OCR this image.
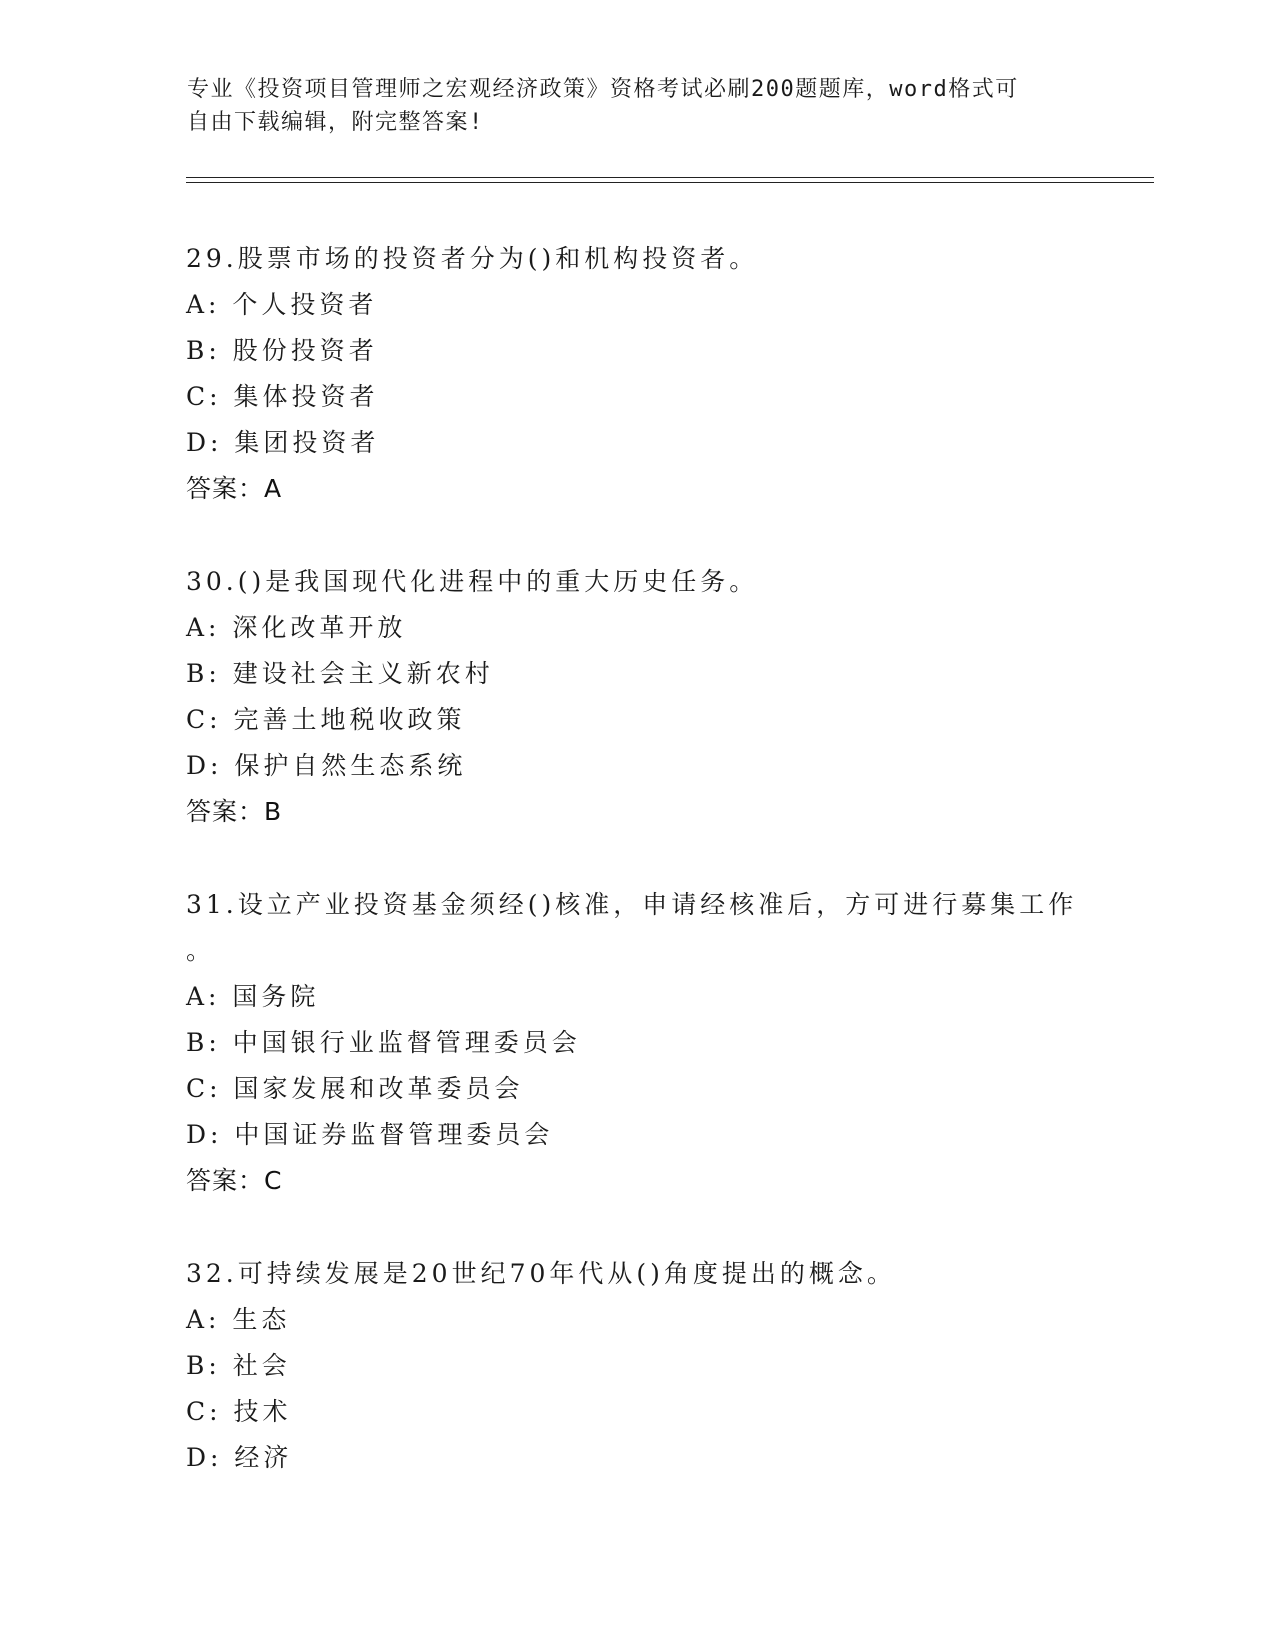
专业《投资项目管理师之宏观经济政策》资格考试必刷200题题库，word格式可
自由下载编辑，附完整答案!
29.股票市场的投资者分为()和机构投资者。
A: 个人投资者
B: 股份投资者
C: 集体投资者
D: 集团投资者
答案：A
30.()是我国现代化进程中的重大历史任务。
A: 深化改革开放
B: 建设社会主义新农村
C: 完善土地税收政策
D: 保护自然生态系统
答案：B
31.设立产业投资基金须经()核准，申请经核准后，方可进行募集工作
。
A: 国务院
B: 中国银行业监督管理委员会
C: 国家发展和改革委员会
D: 中国证券监督管理委员会
答案：C
32.可持续发展是20世纪70年代从()角度提出的概念。
A: 生态
B: 社会
C: 技术
D: 经济
